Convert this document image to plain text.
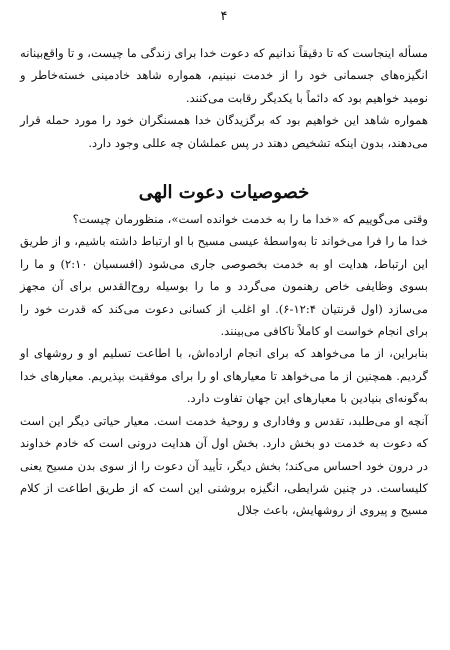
۴

مسأله اینجاست که تا دقیقاً ندانیم که دعوت خدا برای زندگی ما چیست، و تا واقع‌بینانه انگیزه‌های جسمانی خود را از خدمت نبینیم، همواره شاهد خادمینی خسته‌خاطر و نومید خواهیم بود که دائماً با یکدیگر رقابت می‌کنند.

همواره شاهد این خواهیم بود که برگزیدگان خدا همسنگران خود را مورد حمله قرار می‌دهند، بدون اینکه تشخیص دهند در پس عملشان چه عللی وجود دارد.

خصوصیات دعوت الهی

وقتی می‌گوییم که «خدا ما را به خدمت خوانده است»، منظورمان چیست؟

خدا ما را فرا می‌خواند تا به‌واسطهٔ عیسی مسیح با او ارتباط داشته باشیم، و از طریق این ارتباط، هدایت او به خدمت بخصوصی جاری می‌شود (افسسیان ۲:۱۰) و ما را بسوی وظایفی خاص رهنمون می‌گردد و ما را بوسیله روح‌القدس برای آن مجهز می‌سازد (اول قرنتیان ۱۲:۴-۶). او اغلب از کسانی دعوت می‌کند که قدرت خود را برای انجام خواست او کاملاً ناکافی می‌بینند.

بنابراین، از ما می‌خواهد که برای انجام اراده‌اش، با اطاعت تسلیم او و روشهای او گردیم. همچنین از ما می‌خواهد تا معیارهای او را برای موفقیت بپذیریم. معیارهای خدا به‌گونه‌ای بنیادین با معیارهای این جهان تفاوت دارد.

آنچه او می‌طلبد، تقدس و وفاداری و روحیهٔ خدمت است. معیار حیاتی دیگر این است که دعوت به خدمت دو بخش دارد. بخش اول آن هدایت درونی است که خادم خداوند در درون خود احساس می‌کند؛ بخش دیگر، تأیید آن دعوت را از سوی بدن مسیح یعنی کلیساست. در چنین شرایطی، انگیزه بروشنی این است که از طریق اطاعت از کلام مسیح و پیروی از روشهایش، باعث جلال
